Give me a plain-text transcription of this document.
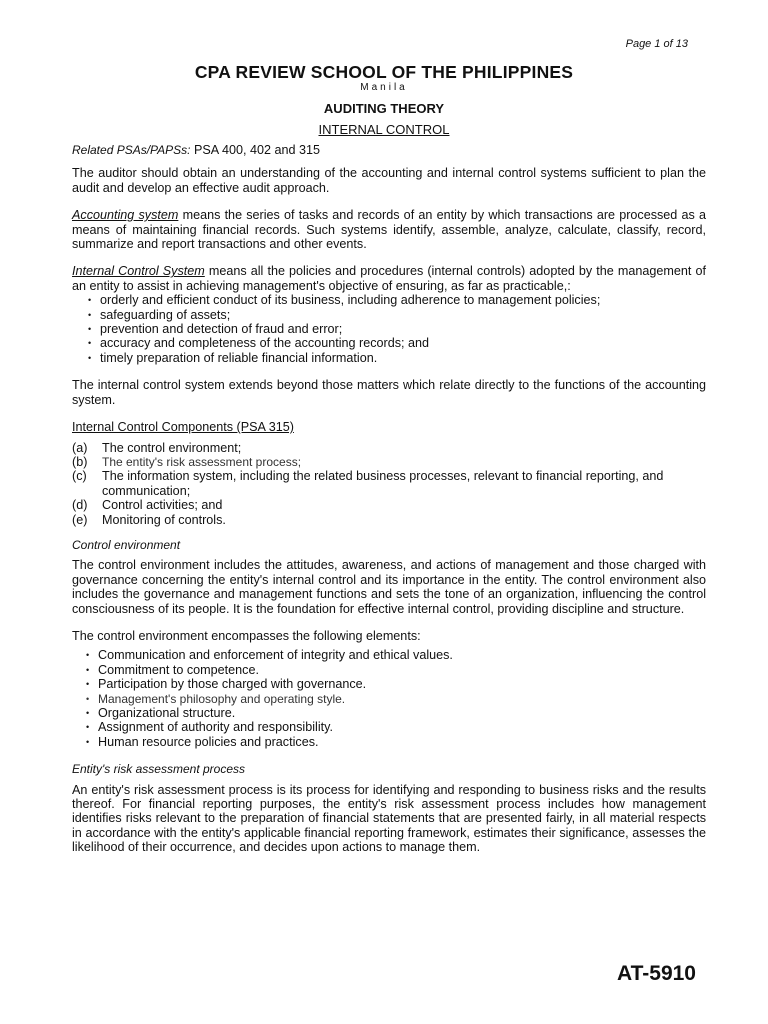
Page 1 of 13
CPA REVIEW SCHOOL OF THE PHILIPPINES
Manila
AUDITING THEORY
INTERNAL CONTROL

Related PSAs/PAPSs: PSA 400, 402 and 315

The auditor should obtain an understanding of the accounting and internal control systems sufficient to plan the audit and develop an effective audit approach.

Accounting system means the series of tasks and records of an entity by which transactions are processed as a means of maintaining financial records. Such systems identify, assemble, analyze, calculate, classify, record, summarize and report transactions and other events.

Internal Control System means all the policies and procedures (internal controls) adopted by the management of an entity to assist in achieving management's objective of ensuring, as far as practicable,:

• orderly and efficient conduct of its business, including adherence to management policies;
• safeguarding of assets;
• prevention and detection of fraud and error;
• accuracy and completeness of the accounting records; and
• timely preparation of reliable financial information.

The internal control system extends beyond those matters which relate directly to the functions of the accounting system.

Internal Control Components (PSA 315)

(a)	The control environment;
(b)	The entity's risk assessment process;
(c)	The information system, including the related business processes, relevant to financial reporting, and communication;
(d)	Control activities; and
(e)	Monitoring of controls.
Control environment

The control environment includes the attitudes, awareness, and actions of management and those charged with governance concerning the entity's internal control and its importance in the entity. The control environment also includes the governance and management functions and sets the tone of an organization, influencing the control consciousness of its people. It is the foundation for effective internal control, providing discipline and structure.

The control environment encompasses the following elements:

• Communication and enforcement of integrity and ethical values.
• Commitment to competence.
• Participation by those charged with governance.
• Management's philosophy and operating style.
• Organizational structure.
• Assignment of authority and responsibility.
• Human resource policies and practices.
Entity's risk assessment process

An entity's risk assessment process is its process for identifying and responding to business risks and the results thereof. For financial reporting purposes, the entity's risk assessment process includes how management identifies risks relevant to the preparation of financial statements that are presented fairly, in all material respects in accordance with the entity's applicable financial reporting framework, estimates their significance, assesses the likelihood of their occurrence, and decides upon actions to manage them.

AT-5910
